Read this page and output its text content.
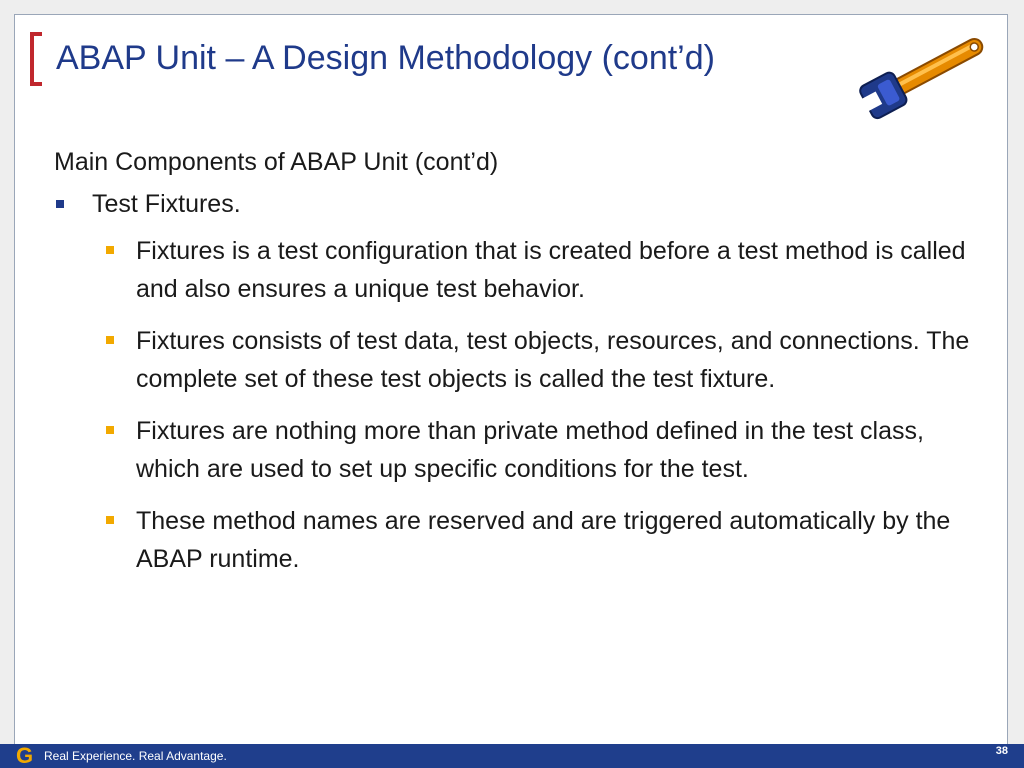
ABAP Unit – A Design Methodology (cont’d)
Main Components of ABAP Unit (cont’d)
Test Fixtures.
Fixtures is a test configuration that is created before a test method is called and also ensures a unique test behavior.
Fixtures consists of test data, test objects, resources, and connections. The complete set of these test objects is called the test fixture.
Fixtures are nothing more than private method defined in the test class, which are used to set up specific conditions for the test.
These method names are reserved and are triggered automatically by the ABAP runtime.
G Real Experience. Real Advantage.	38
